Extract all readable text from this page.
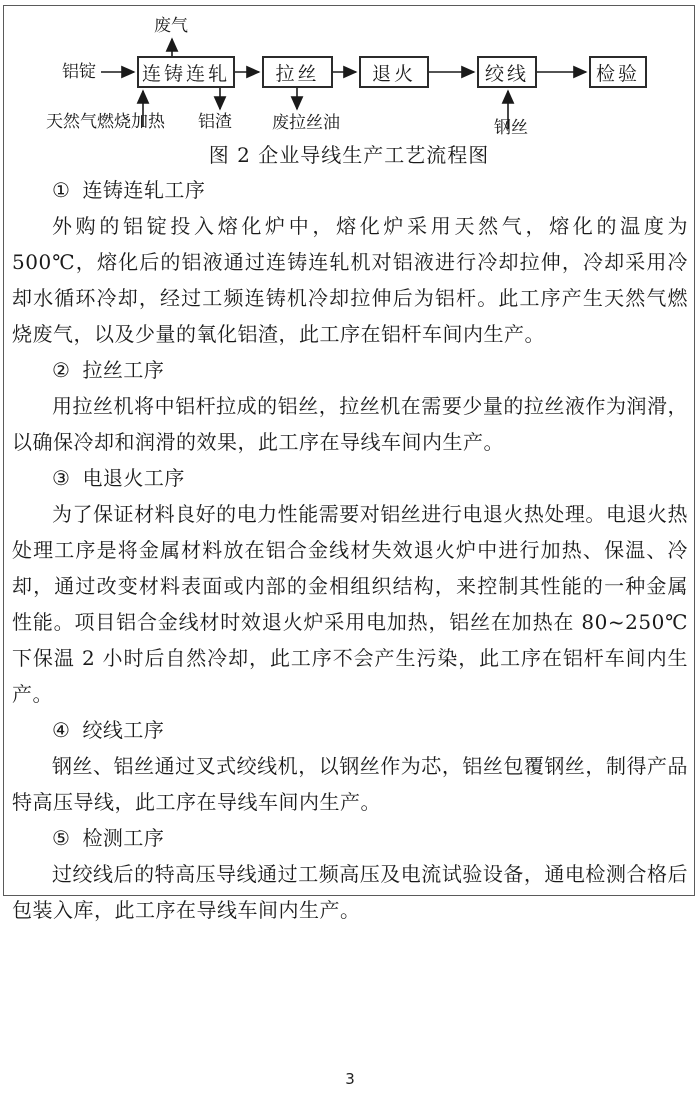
连铸连轧	拉丝	退火	绞线	检验
废气
铝锭
天然气燃烧加热 铝渣 废拉丝油	钢丝
图 2 企业导线生产工艺流程图
① 连铸连轧工序

外购的铝锭投入熔化炉中，熔化炉采用天然气，熔化的温度为 500℃，熔化后的铝液通过连铸连轧机对铝液进行冷却拉伸，冷却采用冷却水循环冷却，经过工频连铸机冷却拉伸后为铝杆。此工序产生天然气燃烧废气，以及少量的氧化铝渣，此工序在铝杆车间内生产。

② 拉丝工序

用拉丝机将中铝杆拉成的铝丝，拉丝机在需要少量的拉丝液作为润滑，以确保冷却和润滑的效果，此工序在导线车间内生产。

③ 电退火工序

为了保证材料良好的电力性能需要对铝丝进行电退火热处理。电退火热处理工序是将金属材料放在铝合金线材失效退火炉中进行加热、保温、冷却，通过改变材料表面或内部的金相组织结构，来控制其性能的一种金属性能。项目铝合金线材时效退火炉采用电加热，铝丝在加热在 80~250℃下保温 2 小时后自然冷却，此工序不会产生污染，此工序在铝杆车间内生产。

④ 绞线工序

钢丝、铝丝通过叉式绞线机，以钢丝作为芯，铝丝包覆钢丝，制得产品特高压导线，此工序在导线车间内生产。

⑤ 检测工序

过绞线后的特高压导线通过工频高压及电流试验设备，通电检测合格后包装入库，此工序在导线车间内生产。

3
